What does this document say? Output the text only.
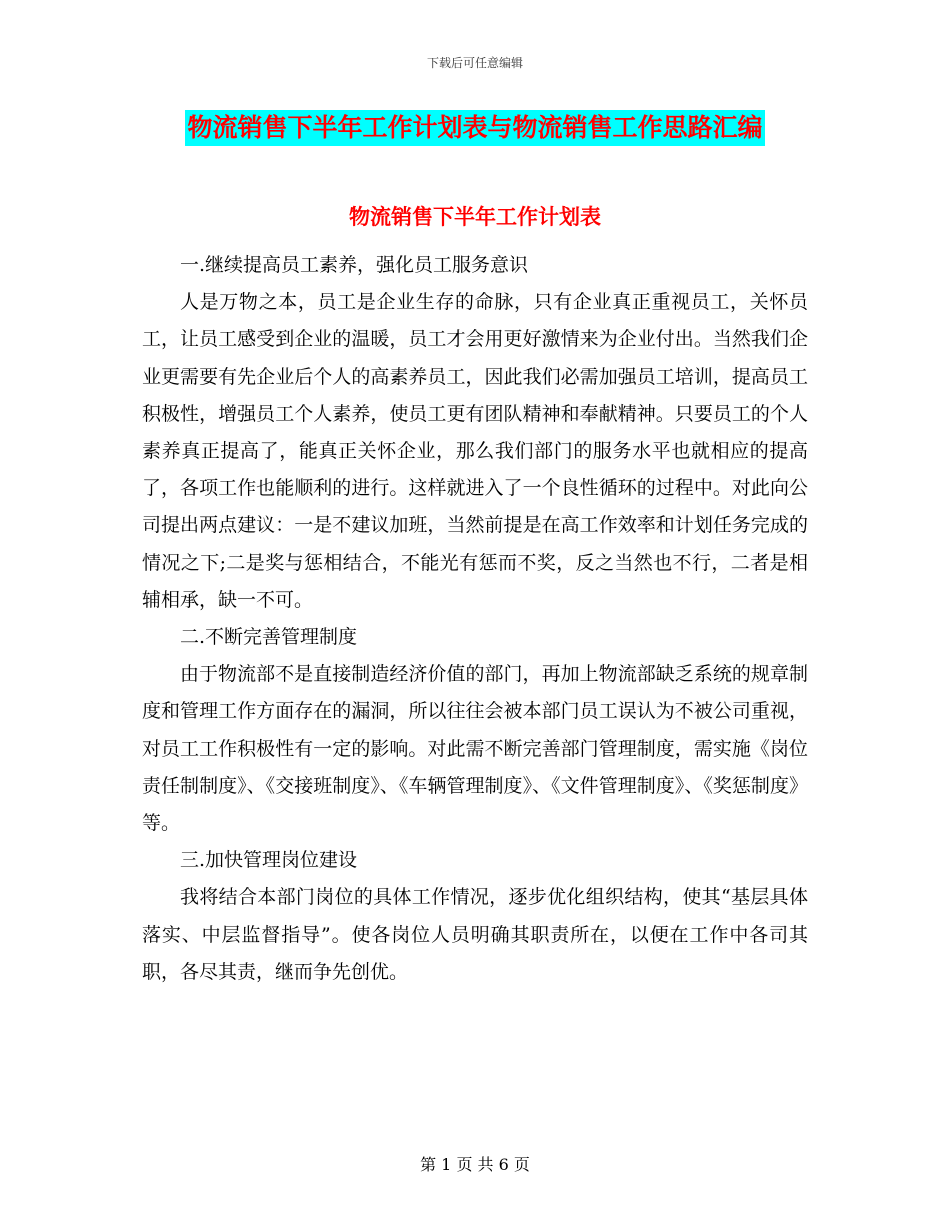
下载后可任意编辑
物流销售下半年工作计划表与物流销售工作思路汇编
物流销售下半年工作计划表

一.继续提高员工素养，强化员工服务意识

人是万物之本，员工是企业生存的命脉，只有企业真正重视员工，关怀员工，让员工感受到企业的温暖，员工才会用更好激情来为企业付出。当然我们企业更需要有先企业后个人的高素养员工，因此我们必需加强员工培训，提高员工积极性，增强员工个人素养，使员工更有团队精神和奉献精神。只要员工的个人素养真正提高了，能真正关怀企业，那么我们部门的服务水平也就相应的提高了，各项工作也能顺利的进行。这样就进入了一个良性循环的过程中。对此向公司提出两点建议：一是不建议加班，当然前提是在高工作效率和计划任务完成的情况之下;二是奖与惩相结合，不能光有惩而不奖，反之当然也不行，二者是相辅相承，缺一不可。

二.不断完善管理制度

由于物流部不是直接制造经济价值的部门，再加上物流部缺乏系统的规章制度和管理工作方面存在的漏洞，所以往往会被本部门员工误认为不被公司重视，对员工工作积极性有一定的影响。对此需不断完善部门管理制度，需实施《岗位责任制制度》、《交接班制度》、《车辆管理制度》、《文件管理制度》、《奖惩制度》等。

三.加快管理岗位建设

我将结合本部门岗位的具体工作情况，逐步优化组织结构，使其“基层具体落实、中层监督指导”。使各岗位人员明确其职责所在，以便在工作中各司其职，各尽其责，继而争先创优。

第 1 页 共 6 页
